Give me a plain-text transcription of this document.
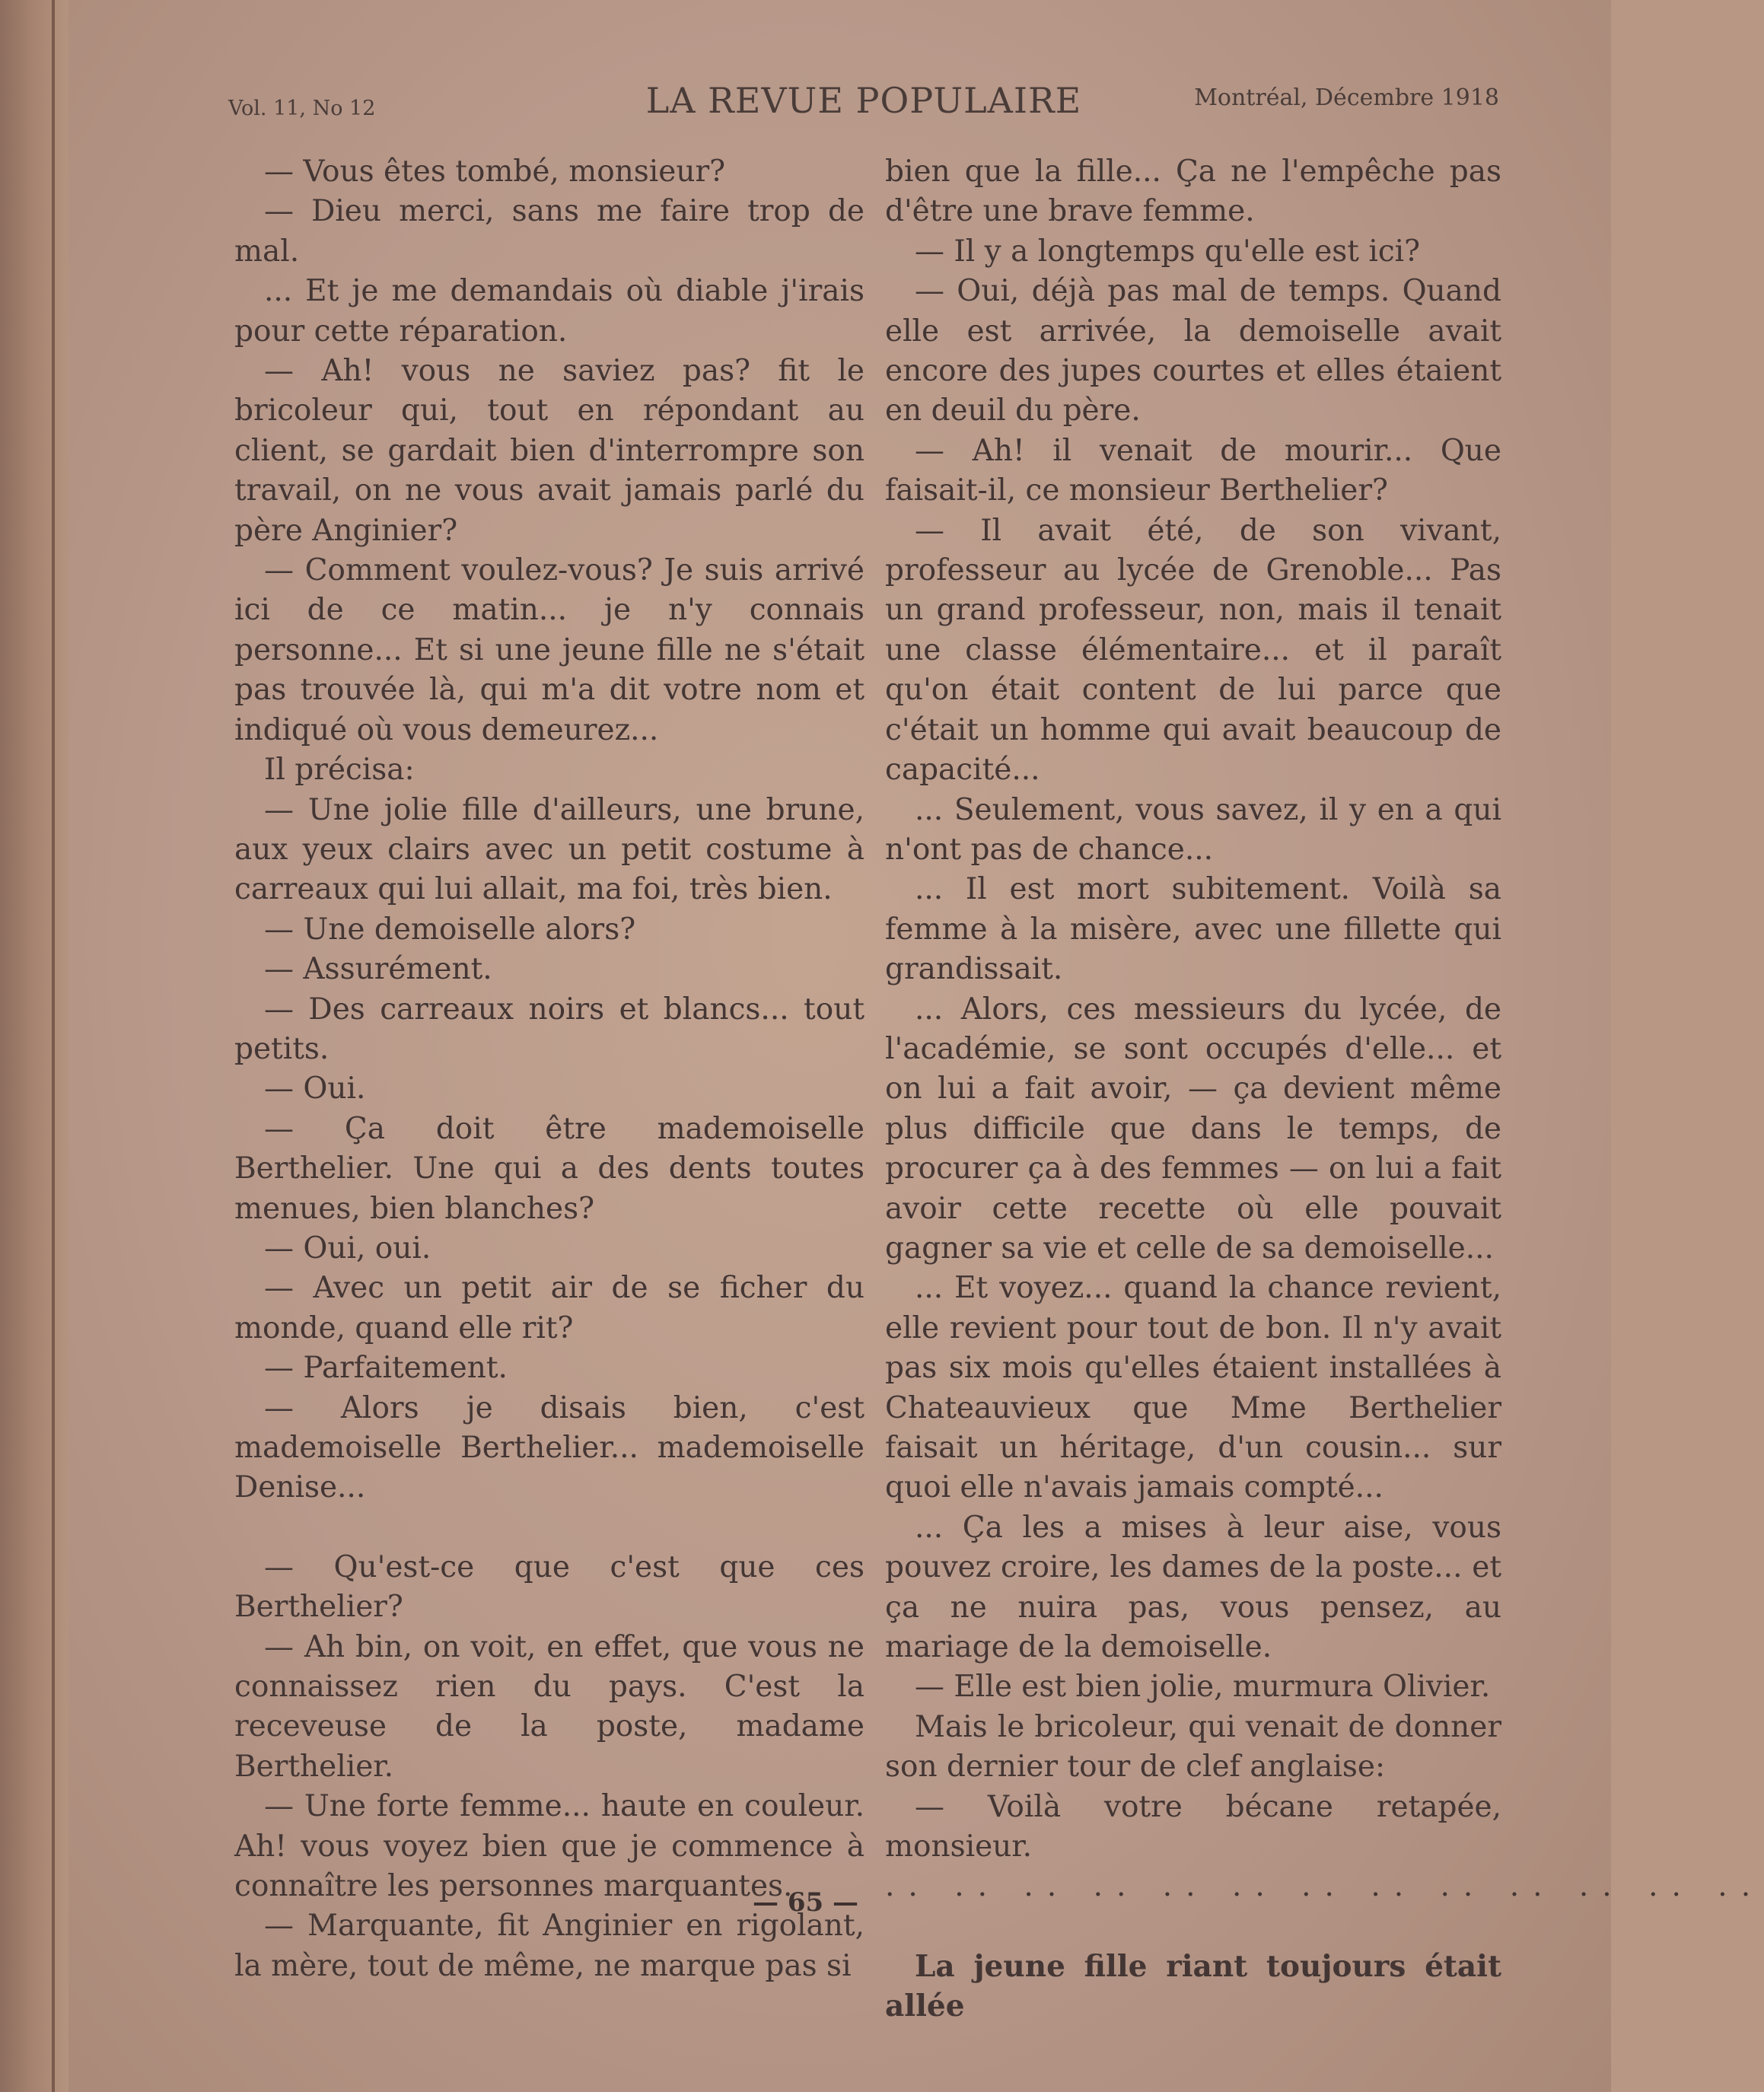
Vol. 11, No 12	LA REVUE POPULAIRE	Montréal, Décembre 1918

— Vous êtes tombé, monsieur?

— Dieu merci, sans me faire trop de mal.

... Et je me demandais où diable j'irais pour cette réparation.

— Ah! vous ne saviez pas? fit le bricoleur qui, tout en répondant au client, se gardait bien d'interrompre son travail, on ne vous avait jamais parlé du père Anginier?

— Comment voulez-vous? Je suis arrivé ici de ce matin... je n'y connais personne... Et si une jeune fille ne s'était pas trouvée là, qui m'a dit votre nom et indiqué où vous demeurez...

Il précisa:

— Une jolie fille d'ailleurs, une brune, aux yeux clairs avec un petit costume à carreaux qui lui allait, ma foi, très bien.

— Une demoiselle alors?

— Assurément.

— Des carreaux noirs et blancs... tout petits.

— Oui.

— Ça doit être mademoiselle Berthelier. Une qui a des dents toutes menues, bien blanches?

— Oui, oui.

— Avec un petit air de se ficher du monde, quand elle rit?

— Parfaitement.

— Alors je disais bien, c'est mademoiselle Berthelier... mademoiselle Denise...

— Qu'est-ce que c'est que ces Berthelier?

— Ah bin, on voit, en effet, que vous ne connaissez rien du pays. C'est la receveuse de la poste, madame Berthelier.

— Une forte femme... haute en couleur. Ah! vous voyez bien que je commence à connaître les personnes marquantes.

— Marquante, fit Anginier en rigolant, la mère, tout de même, ne marque pas si

bien que la fille... Ça ne l'empêche pas d'être une brave femme.

— Il y a longtemps qu'elle est ici?

— Oui, déjà pas mal de temps. Quand elle est arrivée, la demoiselle avait encore des jupes courtes et elles étaient en deuil du père.

— Ah! il venait de mourir... Que faisait-il, ce monsieur Berthelier?

— Il avait été, de son vivant, professeur au lycée de Grenoble... Pas un grand professeur, non, mais il tenait une classe élémentaire... et il paraît qu'on était content de lui parce que c'était un homme qui avait beaucoup de capacité...

... Seulement, vous savez, il y en a qui n'ont pas de chance...

... Il est mort subitement. Voilà sa femme à la misère, avec une fillette qui grandissait.

... Alors, ces messieurs du lycée, de l'académie, se sont occupés d'elle... et on lui a fait avoir, — ça devient même plus difficile que dans le temps, de procurer ça à des femmes — on lui a fait avoir cette recette où elle pouvait gagner sa vie et celle de sa demoiselle...

... Et voyez... quand la chance revient, elle revient pour tout de bon. Il n'y avait pas six mois qu'elles étaient installées à Chateauvieux que Mme Berthelier faisait un héritage, d'un cousin... sur quoi elle n'avais jamais compté...

... Ça les a mises à leur aise, vous pouvez croire, les dames de la poste... et ça ne nuira pas, vous pensez, au mariage de la demoiselle.

— Elle est bien jolie, murmura Olivier.

Mais le bricoleur, qui venait de donner son dernier tour de clef anglaise:

— Voilà votre bécane retapée, monsieur.

.. .. .. .. .. .. .. .. .. .. .. .. ..

La jeune fille riant toujours était allée

— 65 —
